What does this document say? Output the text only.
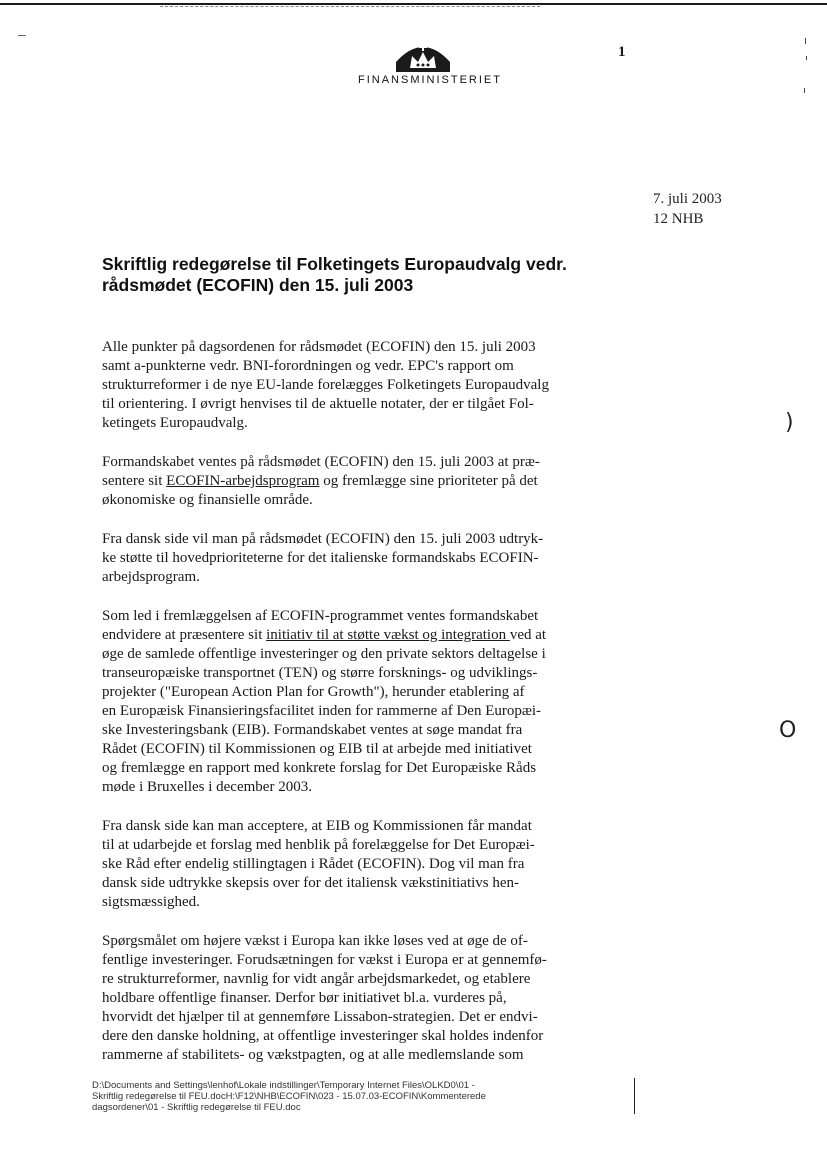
FINANSMINISTERIET
1
7. juli 2003
12 NHB
Skriftlig redegørelse til Folketingets Europaudvalg vedr.
rådsmødet (ECOFIN) den 15. juli 2003

Alle punkter på dagsordenen for rådsmødet (ECOFIN) den 15. juli 2003
samt a-punkterne vedr. BNI-forordningen og vedr. EPC's rapport om
strukturreformer i de nye EU-lande forelægges Folketingets Europaudvalg
til orientering. I øvrigt henvises til de aktuelle notater, der er tilgået Fol-
ketingets Europaudvalg.

Formandskabet ventes på rådsmødet (ECOFIN) den 15. juli 2003 at præ-
sentere sit ECOFIN-arbejdsprogram og fremlægge sine prioriteter på det
økonomiske og finansielle område.

Fra dansk side vil man på rådsmødet (ECOFIN) den 15. juli 2003 udtryk-
ke støtte til hovedprioriteterne for det italienske formandskabs ECOFIN-
arbejdsprogram.

Som led i fremlæggelsen af ECOFIN-programmet ventes formandskabet
endvidere at præsentere sit initiativ til at støtte vækst og integration ved at
øge de samlede offentlige investeringer og den private sektors deltagelse i
transeuropæiske transportnet (TEN) og større forsknings- og udviklings-
projekter ("European Action Plan for Growth"), herunder etablering af
en Europæisk Finansieringsfacilitet inden for rammerne af Den Europæi-
ske Investeringsbank (EIB). Formandskabet ventes at søge mandat fra
Rådet (ECOFIN) til Kommissionen og EIB til at arbejde med initiativet
og fremlægge en rapport med konkrete forslag for Det Europæiske Råds
møde i Bruxelles i december 2003.

Fra dansk side kan man acceptere, at EIB og Kommissionen får mandat
til at udarbejde et forslag med henblik på forelæggelse for Det Europæi-
ske Råd efter endelig stillingtagen i Rådet (ECOFIN). Dog vil man fra
dansk side udtrykke skepsis over for det italiensk vækstinitiativs hen-
sigtsmæssighed.

Spørgsmålet om højere vækst i Europa kan ikke løses ved at øge de of-
fentlige investeringer. Forudsætningen for vækst i Europa er at gennemfø-
re strukturreformer, navnlig for vidt angår arbejdsmarkedet, og etablere
holdbare offentlige finanser. Derfor bør initiativet bl.a. vurderes på,
hvorvidt det hjælper til at gennemføre Lissabon-strategien. Det er endvi-
dere den danske holdning, at offentlige investeringer skal holdes indenfor
rammerne af stabilitets- og vækstpagten, og at alle medlemslande som

)
O
D:\Documents and Settings\lenhof\Lokale indstillinger\Temporary Internet Files\OLKD0\01 -
Skriftlig redegørelse til FEU.docH:\F12\NHB\ECOFIN\023 - 15.07.03-ECOFIN\Kommenterede
dagsordener\01 - Skriftlig redegørelse til FEU.doc
